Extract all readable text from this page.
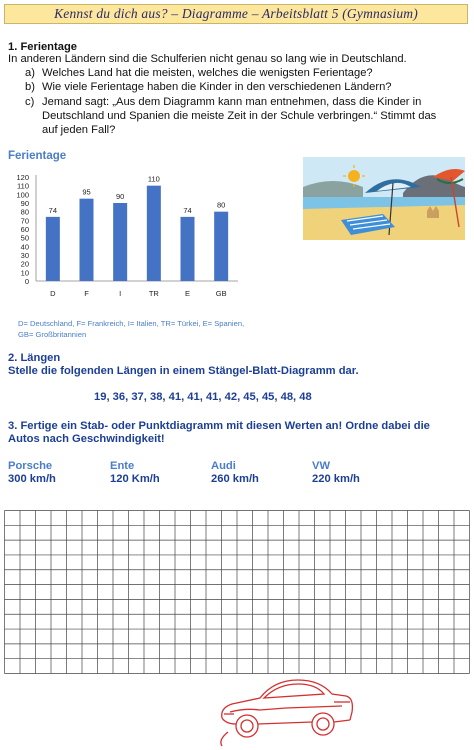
Kennst du dich aus? – Diagramme – Arbeitsblatt 5 (Gymnasium)
1. Ferientage
In anderen Ländern sind die Schulferien nicht genau so lang wie in Deutschland.
a) Welches Land hat die meisten, welches die wenigsten Ferientage?
b) Wie viele Ferientage haben die Kinder in den verschiedenen Ländern?
c) Jemand sagt: „Aus dem Diagramm kann man entnehmen, dass die Kinder in
Deutschland und Spanien die meiste Zeit in der Schule verbringen.“ Stimmt das
auf jeden Fall?
Ferientage
0
10
20
30
40
50
60
70
80
90
100
110
120
74
D
95
F
90
I
110
TR
74
E
80
GB
D= Deutschland, F= Frankreich, I= Italien, TR= Türkei, E= Spanien,
GB= Großbritannien
2. Längen
Stelle die folgenden Längen in einem Stängel-Blatt-Diagramm dar.
19, 36, 37, 38, 41, 41, 41, 42, 45, 45, 48, 48
3. Fertige ein Stab- oder Punktdiagramm mit diesen Werten an! Ordne dabei die
Autos nach Geschwindigkeit!
Porsche
300 km/h
Ente
120 Km/h
Audi
260 km/h
VW
220 km/h
